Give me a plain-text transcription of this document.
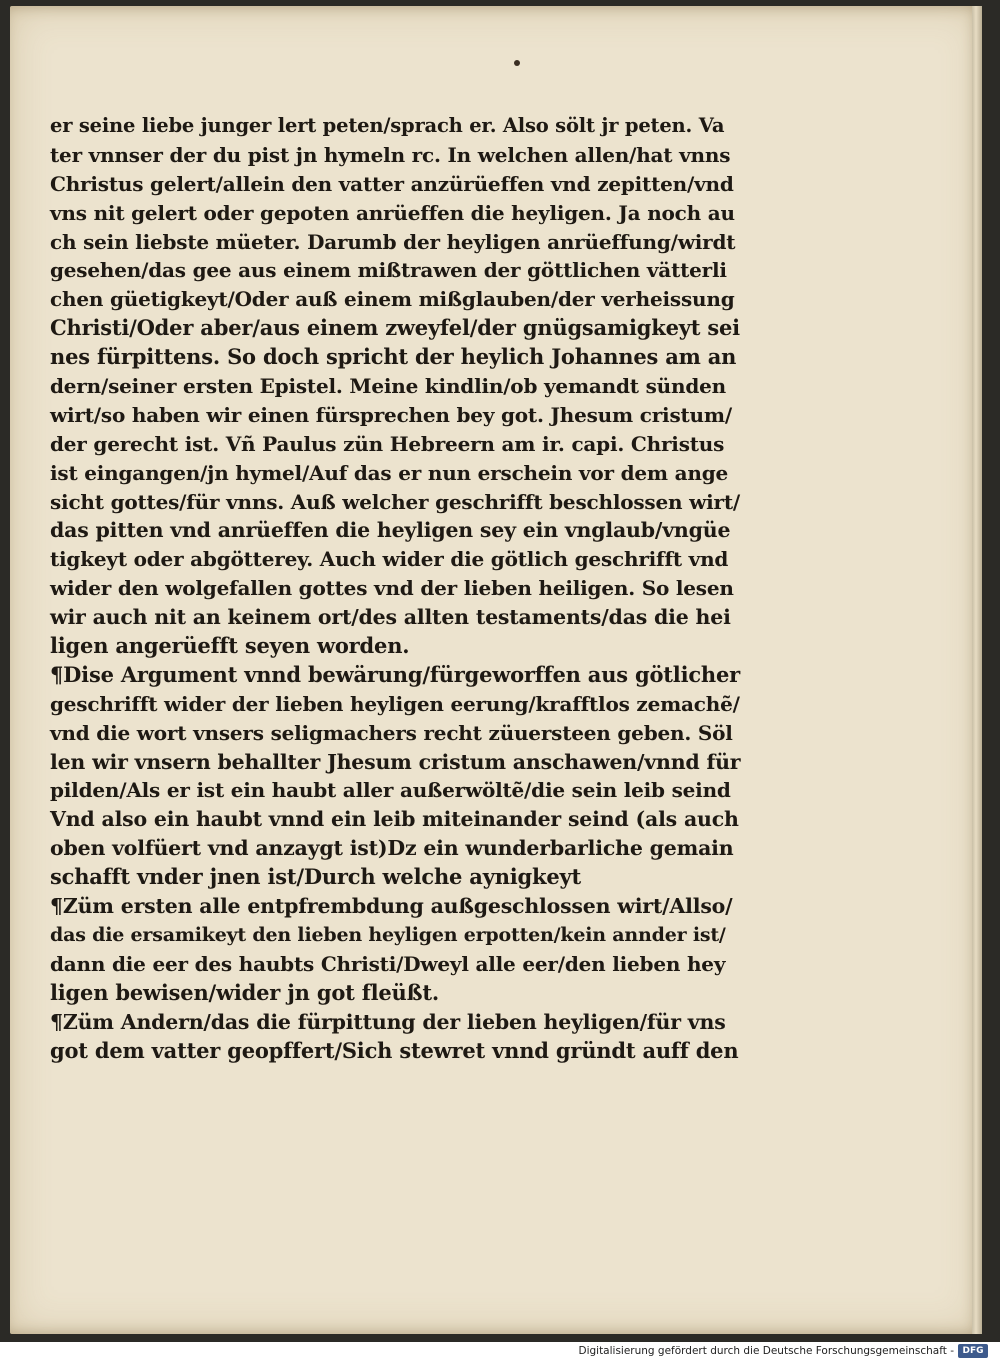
er seine liebe junger lert peten/sprach er. Also sölt jr peten. Va
ter vnnser der du pist jn hymeln rc. In welchen allen/hat vnns
Christus gelert/allein den vatter anzürüeffen vnd zepitten/vnd
vns nit gelert oder gepoten anrüeffen die heyligen. Ja noch au
ch sein liebste müeter. Darumb der heyligen anrüeffung/wirdt
gesehen/das gee aus einem mißtrawen der göttlichen vätterli
chen güetigkeyt/Oder auß einem mißglauben/der verheissung
Christi/Oder aber/aus einem zweyfel/der gnügsamigkeyt sei
nes fürpittens. So doch spricht der heylich Johannes am an
dern/seiner ersten Epistel. Meine kindlin/ob yemandt sünden
wirt/so haben wir einen fürsprechen bey got. Jhesum cristum/
der gerecht ist. Vñ Paulus zün Hebreern am ir. capi. Christus
ist eingangen/jn hymel/Auf das er nun erschein vor dem ange
sicht gottes/für vnns. Auß welcher geschrifft beschlossen wirt/
das pitten vnd anrüeffen die heyligen sey ein vnglaub/vngüe
tigkeyt oder abgötterey. Auch wider die götlich geschrifft vnd
wider den wolgefallen gottes vnd der lieben heiligen. So lesen
wir auch nit an keinem ort/des allten testaments/das die hei
ligen angerüefft seyen worden.
¶Dise Argument vnnd bewärung/fürgeworffen aus götlicher
geschrifft wider der lieben heyligen eerung/krafftlos zemachẽ/
vnd die wort vnsers seligmachers recht züuersteen geben. Söl
len wir vnsern behallter Jhesum cristum anschawen/vnnd für
pilden/Als er ist ein haubt aller außerwöltẽ/die sein leib seind
Vnd also ein haubt vnnd ein leib miteinander seind (als auch
oben volfüert vnd anzaygt ist)Dz ein wunderbarliche gemain
schafft vnder jnen ist/Durch welche aynigkeyt
¶Züm ersten alle entpfrembdung außgeschlossen wirt/Allso/
das die ersamikeyt den lieben heyligen erpotten/kein annder ist/
dann die eer des haubts Christi/Dweyl alle eer/den lieben hey
ligen bewisen/wider jn got fleüßt.
¶Züm Andern/das die fürpittung der lieben heyligen/für vns
got dem vatter geopffert/Sich stewret vnnd gründt auff den
Digitalisierung gefördert durch die Deutsche Forschungsgemeinschaft - DFG
